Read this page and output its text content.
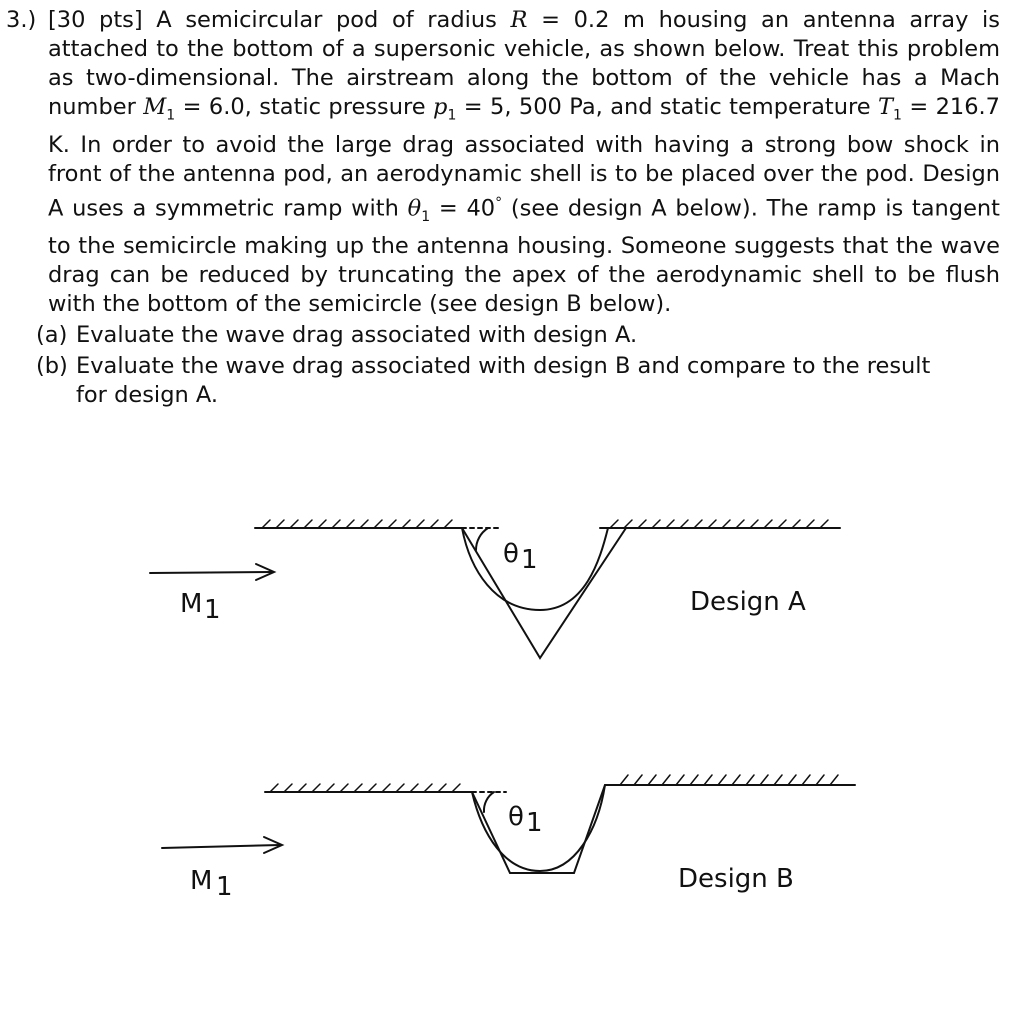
3.) [30 pts] A semicircular pod of radius R = 0.2 m housing an antenna array is attached to the bottom of a supersonic vehicle, as shown below. Treat this problem as two-dimensional. The airstream along the bottom of the vehicle has a Mach number $M_1 = 6.0$, static pressure $p_1 = 5$, 500 Pa, and static temperature $T_1 = 216.7$ K. In order to avoid the large drag associated with having a strong bow shock in front of the antenna pod, an aerodynamic shell is to be placed over the pod. Design A uses a symmetric ramp with $\theta_1 = 40^\circ$ (see design A below). The ramp is tangent to the semicircle making up the antenna housing. Someone suggests that the wave drag can be reduced by truncating the apex of the aerodynamic shell to be flush with the bottom of the semicircle (see design B below).
(a) Evaluate the wave drag associated with design A.
(b) Evaluate the wave drag associated with design B and compare to the result
for design A.
θ 1
M 1	Design A
θ 1
M 1	Design B
